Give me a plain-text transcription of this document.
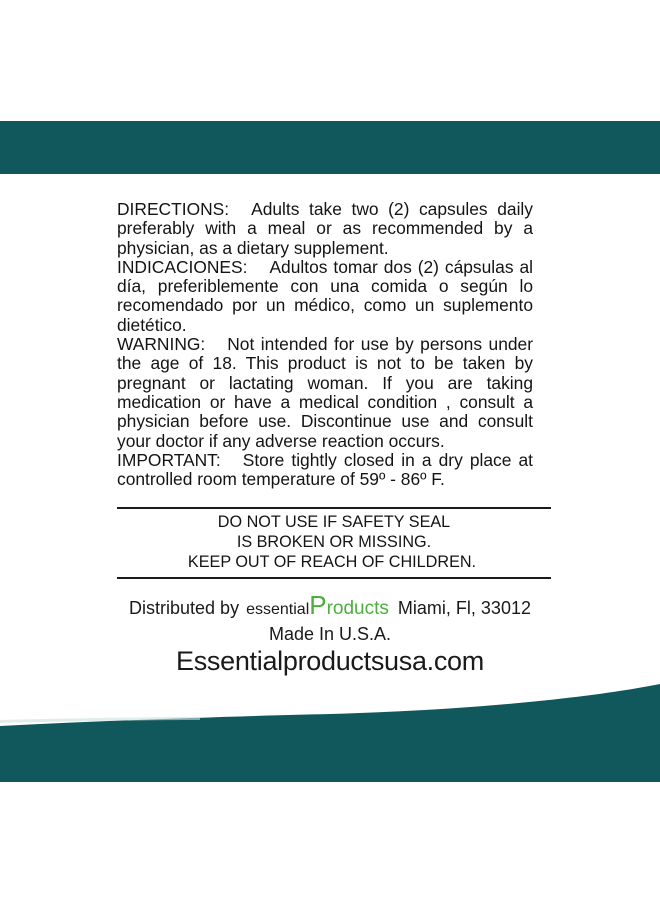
DIRECTIONS: Adults take two (2) capsules daily preferably with a meal or as recommended by a physician, as a dietary supplement.

INDICACIONES: Adultos tomar dos (2) cápsulas al día, preferiblemente con una comida o según lo recomendado por un médico, como un suplemento dietético.

WARNING: Not intended for use by persons under the age of 18. This product is not to be taken by pregnant or lactating woman. If you are taking medication or have a medical condition , consult a physician before use. Discontinue use and consult your doctor if any adverse reaction occurs.

IMPORTANT: Store tightly closed in a dry place at controlled room temperature of 59º - 86º F.

DO NOT USE IF SAFETY SEAL
IS BROKEN OR MISSING.
KEEP OUT OF REACH OF CHILDREN.
Distributed by essentialProducts Miami, Fl, 33012
Made In U.S.A.
Essentialproductsusa.com
